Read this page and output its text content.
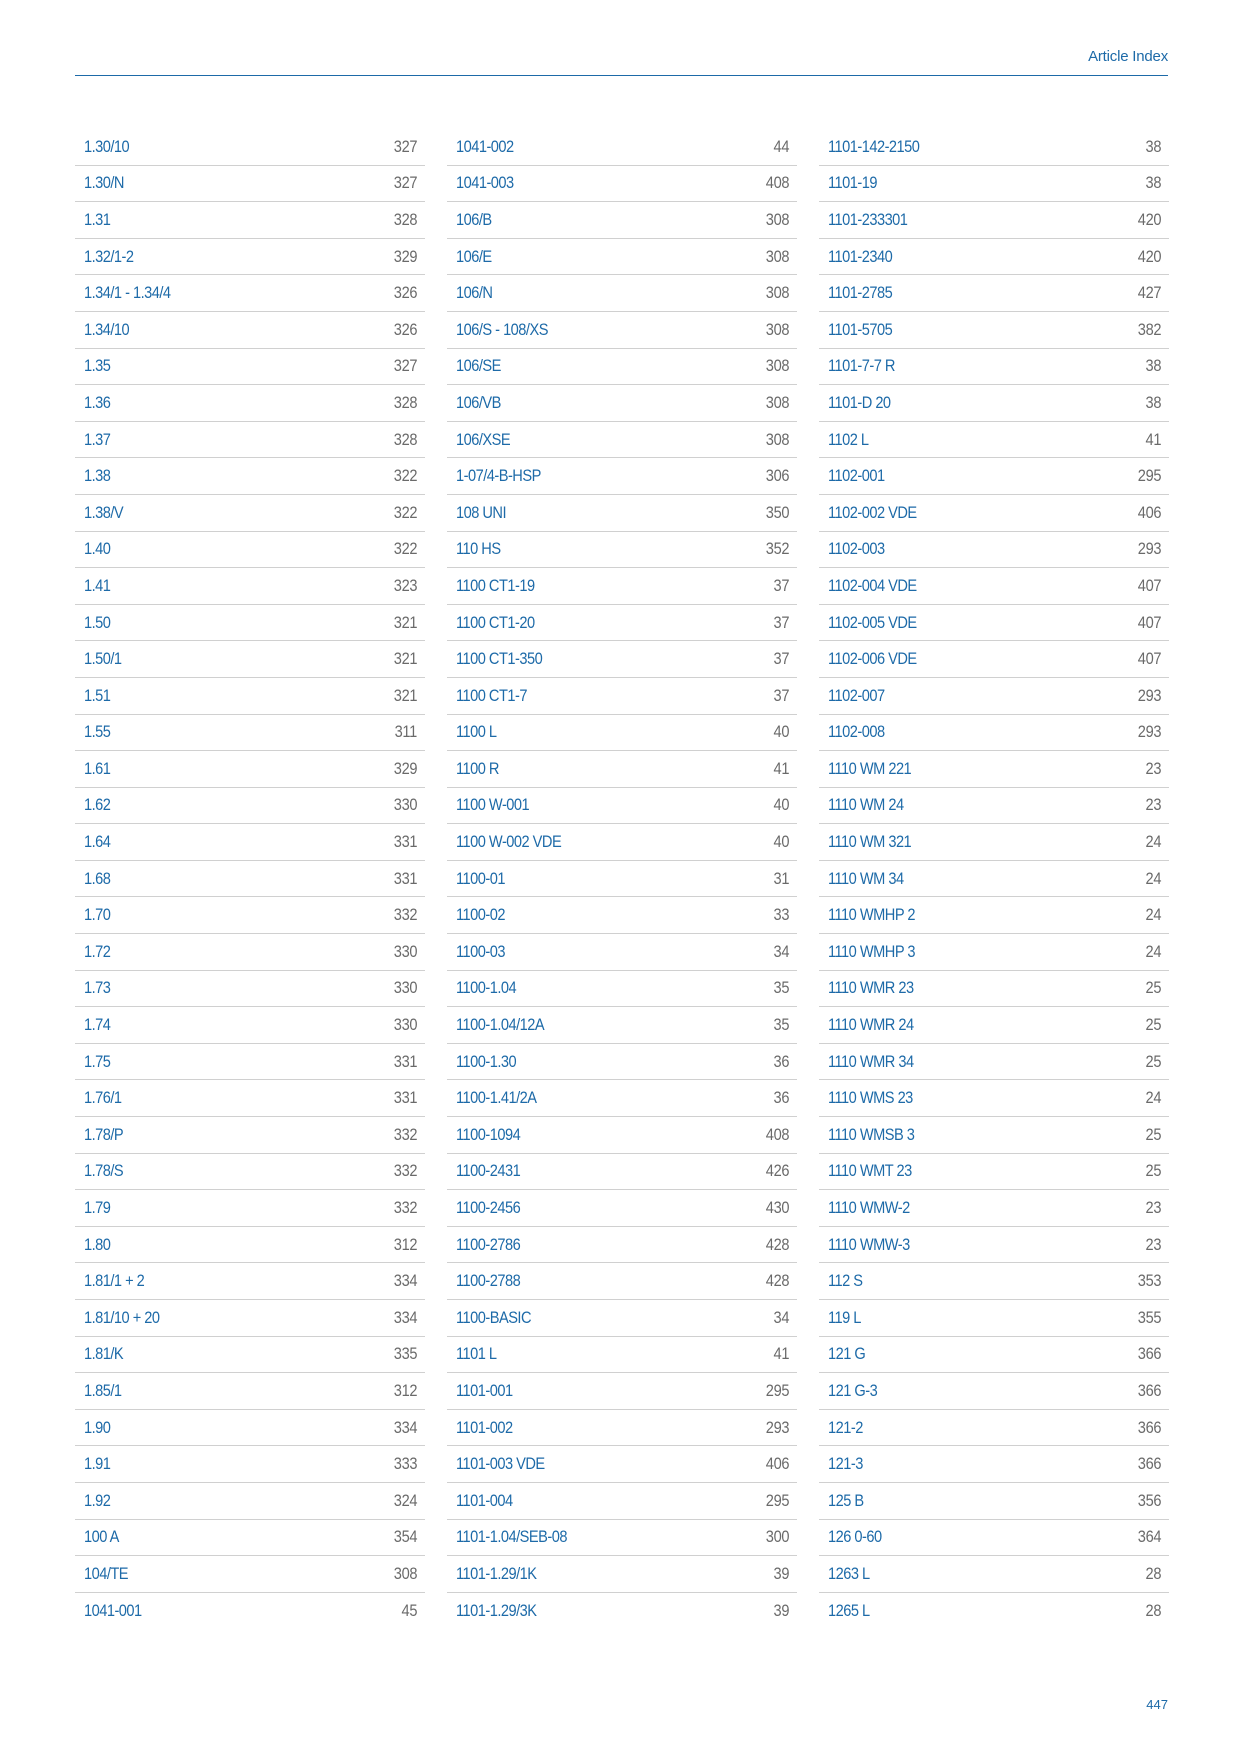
Article Index
1.30/10	327
1.30/N	327
1.31	328
1.32/1-2	329
1.34/1 - 1.34/4	326
1.34/10	326
1.35	327
1.36	328
1.37	328
1.38	322
1.38/V	322
1.40	322
1.41	323
1.50	321
1.50/1	321
1.51	321
1.55	311
1.61	329
1.62	330
1.64	331
1.68	331
1.70	332
1.72	330
1.73	330
1.74	330
1.75	331
1.76/1	331
1.78/P	332
1.78/S	332
1.79	332
1.80	312
1.81/1 + 2	334
1.81/10 + 20	334
1.81/K	335
1.85/1	312
1.90	334
1.91	333
1.92	324
100 A	354
104/TE	308
1041-001	45
1041-002	44
1041-003	408
106/B	308
106/E	308
106/N	308
106/S - 108/XS	308
106/SE	308
106/VB	308
106/XSE	308
1-07/4-B-HSP	306
108 UNI	350
110 HS	352
1100 CT1-19	37
1100 CT1-20	37
1100 CT1-350	37
1100 CT1-7	37
1100 L	40
1100 R	41
1100 W-001	40
1100 W-002 VDE	40
1100-01	31
1100-02	33
1100-03	34
1100-1.04	35
1100-1.04/12A	35
1100-1.30	36
1100-1.41/2A	36
1100-1094	408
1100-2431	426
1100-2456	430
1100-2786	428
1100-2788	428
1100-BASIC	34
1101 L	41
1101-001	295
1101-002	293
1101-003 VDE	406
1101-004	295
1101-1.04/SEB-08	300
1101-1.29/1K	39
1101-1.29/3K	39
1101-142-2150	38
1101-19	38
1101-233301	420
1101-2340	420
1101-2785	427
1101-5705	382
1101-7-7 R	38
1101-D 20	38
1102 L	41
1102-001	295
1102-002 VDE	406
1102-003	293
1102-004 VDE	407
1102-005 VDE	407
1102-006 VDE	407
1102-007	293
1102-008	293
1110 WM 221	23
1110 WM 24	23
1110 WM 321	24
1110 WM 34	24
1110 WMHP 2	24
1110 WMHP 3	24
1110 WMR 23	25
1110 WMR 24	25
1110 WMR 34	25
1110 WMS 23	24
1110 WMSB 3	25
1110 WMT 23	25
1110 WMW-2	23
1110 WMW-3	23
112 S	353
119 L	355
121 G	366
121 G-3	366
121-2	366
121-3	366
125 B	356
126 0-60	364
1263 L	28
1265 L	28
447
